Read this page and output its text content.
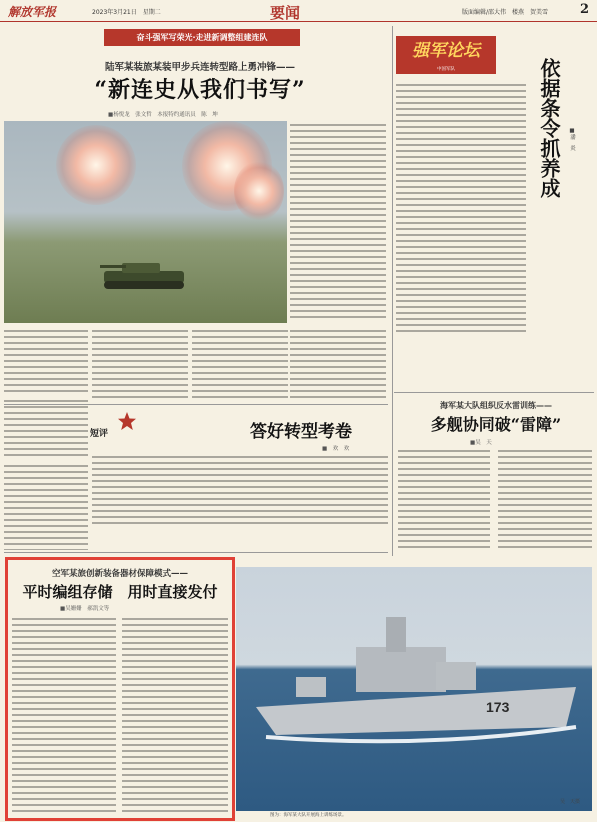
解放军报	2023年3月21日　星期二	要闻	版面编辑/邵大伟　楼燕　贺美雪 2
奋斗强军写荣光·走进新调整组建连队
陆军某装旅某装甲步兵连转型路上勇冲锋——
“新连史从我们书写”
■杨悦龙　张文哲　本报特约通讯员　陈　坤
强军论坛
中国军队	依据条令抓养成 ■潘　炎
短评	答好转型考卷
■　欢　欢
海军某大队组织反水雷训练——
多舰协同破“雷障”
■吴　天
空军某旅创新装备器材保障模式——
平时编组存储　用时直接发付
■吴姗姗　郝凯文等
173
吴　天摄
图为：海军某大队开展海上训练场景。
